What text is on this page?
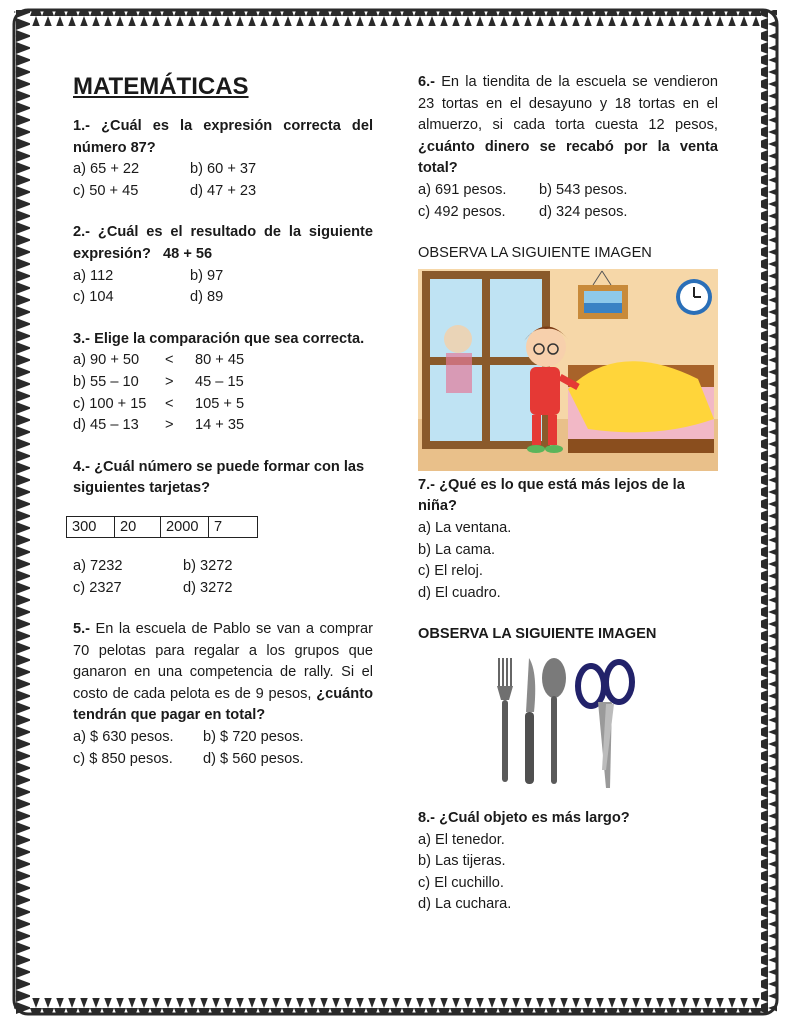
MATEMÁTICAS
1.- ¿Cuál es la expresión correcta del número 87?
a) 65 + 22	b) 60 + 37
c) 50 + 45	d) 47 + 23
2.- ¿Cuál es el resultado de la siguiente expresión? 48 + 56
a) 112	b) 97
c) 104	d) 89
3.- Elige la comparación que sea correcta.
a) 90 + 50	<	80 + 45
b) 55 – 10	>	45 – 15
c) 100 + 15	<	105 + 5
d) 45 – 13	>	14 + 35
4.- ¿Cuál número se puede formar con las siguientes tarjetas?
300	20	2000	7
a) 7232	b) 3272
c) 2327	d) 3272
5.- En la escuela de Pablo se van a comprar 70 pelotas para regalar a los grupos que ganaron en una competencia de rally. Si el costo de cada pelota es de 9 pesos, ¿cuánto tendrán que pagar en total?
a) $ 630 pesos.	b) $ 720 pesos.
c) $ 850 pesos.	d) $ 560 pesos.
6.- En la tiendita de la escuela se vendieron 23 tortas en el desayuno y 18 tortas en el almuerzo, si cada torta cuesta 12 pesos, ¿cuánto dinero se recabó por la venta total?
a) 691 pesos.	b) 543 pesos.
c) 492 pesos.	d) 324 pesos.
OBSERVA LA SIGUIENTE IMAGEN
7.- ¿Qué es lo que está más lejos de la niña?
a) La ventana.
b) La cama.
c) El reloj.
d) El cuadro.
OBSERVA LA SIGUIENTE IMAGEN
8.- ¿Cuál objeto es más largo?
a) El tenedor.
b) Las tijeras.
c) El cuchillo.
d) La cuchara.
